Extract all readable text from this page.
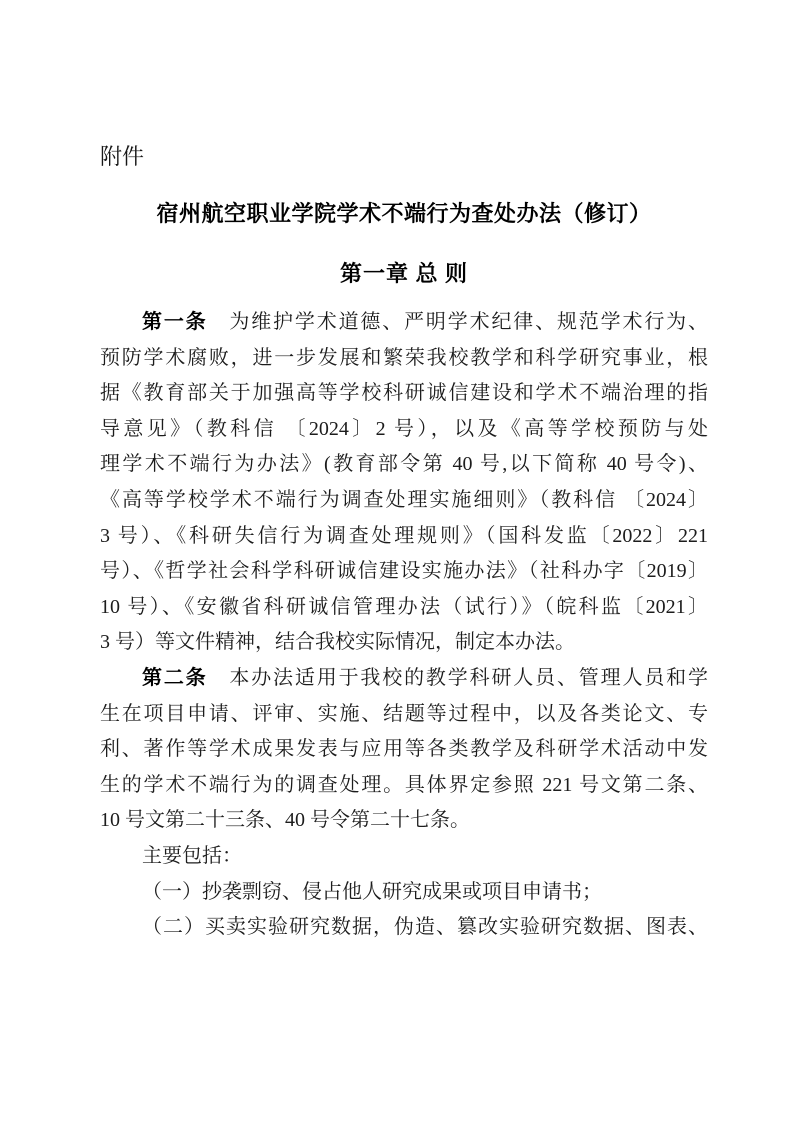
附件
宿州航空职业学院学术不端行为查处办法（修订）
第一章 总 则
第一条　为维护学术道德、严明学术纪律、规范学术行为、
预防学术腐败，进一步发展和繁荣我校教学和科学研究事业，根
据《教育部关于加强高等学校科研诚信建设和学术不端治理的指
导意见》（教科信 〔2024〕2 号），以及《高等学校预防与处
理学术不端行为办法》(教育部令第 40 号,以下简称 40 号令)、
《高等学校学术不端行为调查处理实施细则》（教科信 〔2024〕
3 号）、《科研失信行为调查处理规则》（国科发监〔2022〕221
号）、《哲学社会科学科研诚信建设实施办法》（社科办字〔2019〕
10 号）、《安徽省科研诚信管理办法（试行）》（皖科监〔2021〕
3 号）等文件精神，结合我校实际情况，制定本办法。
第二条　本办法适用于我校的教学科研人员、管理人员和学
生在项目申请、评审、实施、结题等过程中，以及各类论文、专
利、著作等学术成果发表与应用等各类教学及科研学术活动中发
生的学术不端行为的调查处理。具体界定参照 221 号文第二条、
10 号文第二十三条、40 号令第二十七条。
主要包括：
（一）抄袭剽窃、侵占他人研究成果或项目申请书；
（二）买卖实验研究数据，伪造、篡改实验研究数据、图表、
